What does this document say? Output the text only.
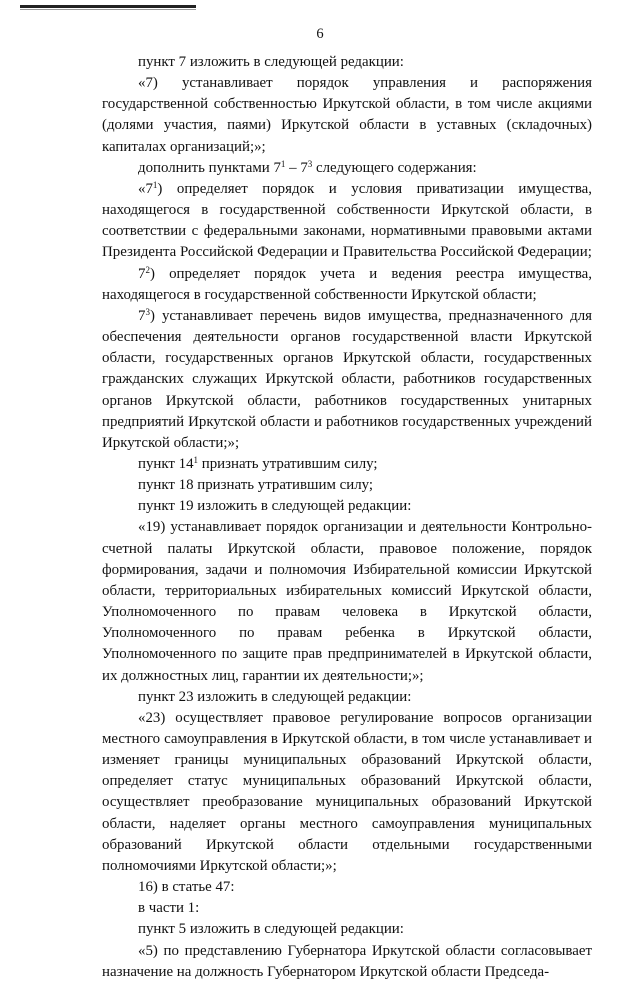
6

пункт 7 изложить в следующей редакции:

«7) устанавливает порядок управления и распоряжения государственной собственностью Иркутской области, в том числе акциями (долями участия, паями) Иркутской области в уставных (складочных) капиталах организаций;»;

дополнить пунктами $7^1 - 7^3$ следующего содержания:

«$7^1$) определяет порядок и условия приватизации имущества, находящегося в государственной собственности Иркутской области, в соответствии с федеральными законами, нормативными правовыми актами Президента Российской Федерации и Правительства Российской Федерации;

$7^2$) определяет порядок учета и ведения реестра имущества, находящегося в государственной собственности Иркутской области;

$7^3$) устанавливает перечень видов имущества, предназначенного для обеспечения деятельности органов государственной власти Иркутской области, государственных органов Иркутской области, государственных гражданских служащих Иркутской области, работников государственных органов Иркутской области, работников государственных унитарных предприятий Иркутской области и работников государственных учреждений Иркутской области;»;

пункт $14^1$ признать утратившим силу;

пункт 18 признать утратившим силу;

пункт 19 изложить в следующей редакции:

«19) устанавливает порядок организации и деятельности Контрольно-счетной палаты Иркутской области, правовое положение, порядок формирования, задачи и полномочия Избирательной комиссии Иркутской области, территориальных избирательных комиссий Иркутской области, Уполномоченного по правам человека в Иркутской области, Уполномоченного по правам ребенка в Иркутской области, Уполномоченного по защите прав предпринимателей в Иркутской области, их должностных лиц, гарантии их деятельности;»;

пункт 23 изложить в следующей редакции:

«23) осуществляет правовое регулирование вопросов организации местного самоуправления в Иркутской области, в том числе устанавливает и изменяет границы муниципальных образований Иркутской области, определяет статус муниципальных образований Иркутской области, осуществляет преобразование муниципальных образований Иркутской области, наделяет органы местного самоуправления муниципальных образований Иркутской области отдельными государственными полномочиями Иркутской области;»;

16) в статье 47:

в части 1:

пункт 5 изложить в следующей редакции:

«5) по представлению Губернатора Иркутской области согласовывает назначение на должность Губернатором Иркутской области Председа-
